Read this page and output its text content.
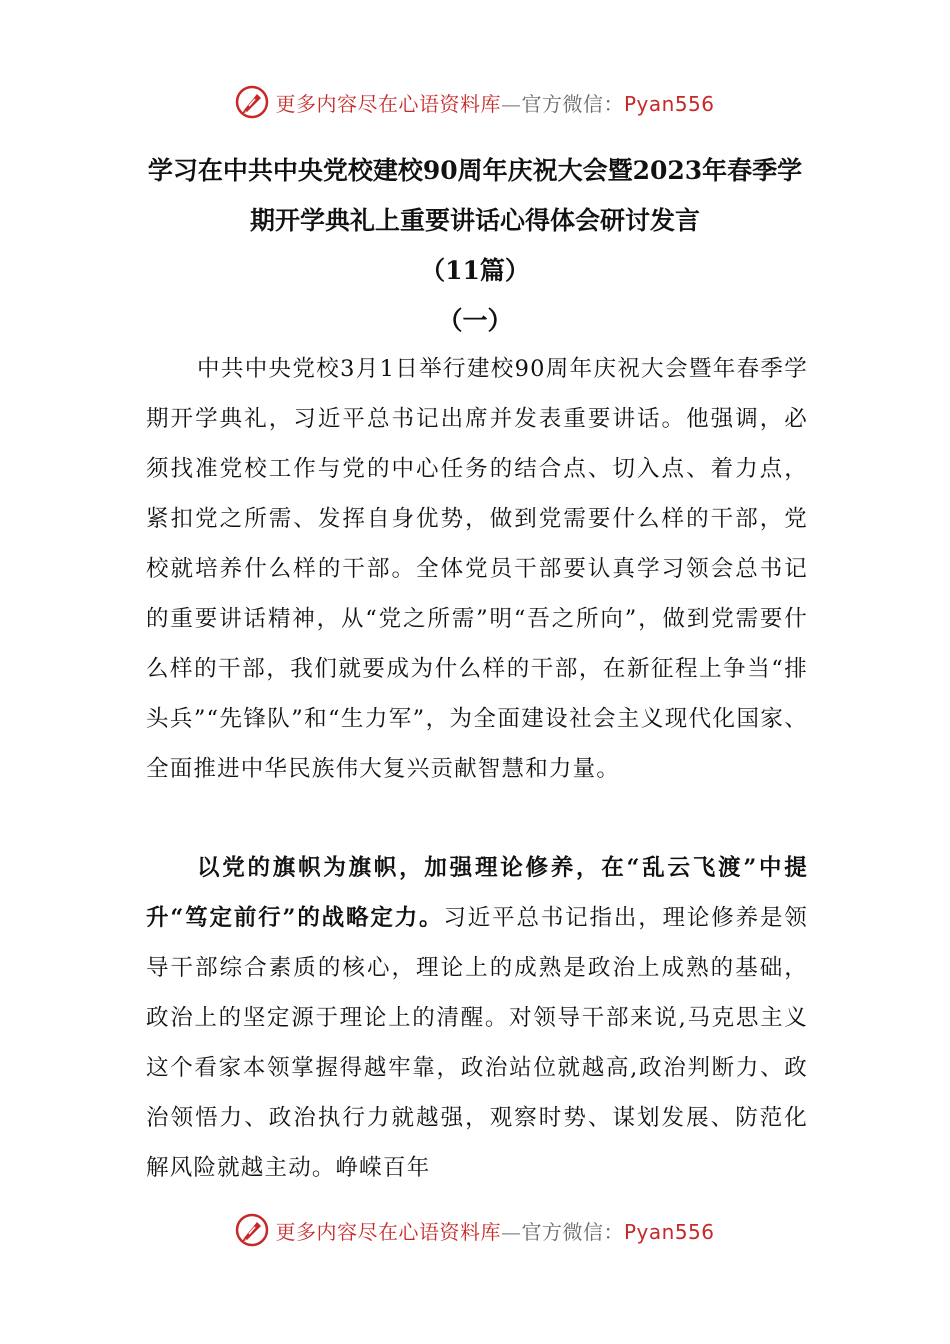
更多内容尽在心语资料库—官方微信：Pyan556
学习在中共中央党校建校90周年庆祝大会暨2023年春季学
期开学典礼上重要讲话心得体会研讨发言
（11篇）
（一）

中共中央党校3月1日举行建校90周年庆祝大会暨年春季学期开学典礼，习近平总书记出席并发表重要讲话。他强调，必须找准党校工作与党的中心任务的结合点、切入点、着力点，紧扣党之所需、发挥自身优势，做到党需要什么样的干部，党校就培养什么样的干部。全体党员干部要认真学习领会总书记的重要讲话精神，从“党之所需”明“吾之所向”，做到党需要什么样的干部，我们就要成为什么样的干部，在新征程上争当“排头兵”“先锋队”和“生力军”，为全面建设社会主义现代化国家、全面推进中华民族伟大复兴贡献智慧和力量。

以党的旗帜为旗帜，加强理论修养，在“乱云飞渡”中提升“笃定前行”的战略定力。习近平总书记指出，理论修养是领导干部综合素质的核心，理论上的成熟是政治上成熟的基础，政治上的坚定源于理论上的清醒。对领导干部来说,马克思主义这个看家本领掌握得越牢靠，政治站位就越高,政治判断力、政治领悟力、政治执行力就越强，观察时势、谋划发展、防范化解风险就越主动。峥嵘百年

更多内容尽在心语资料库—官方微信：Pyan556
